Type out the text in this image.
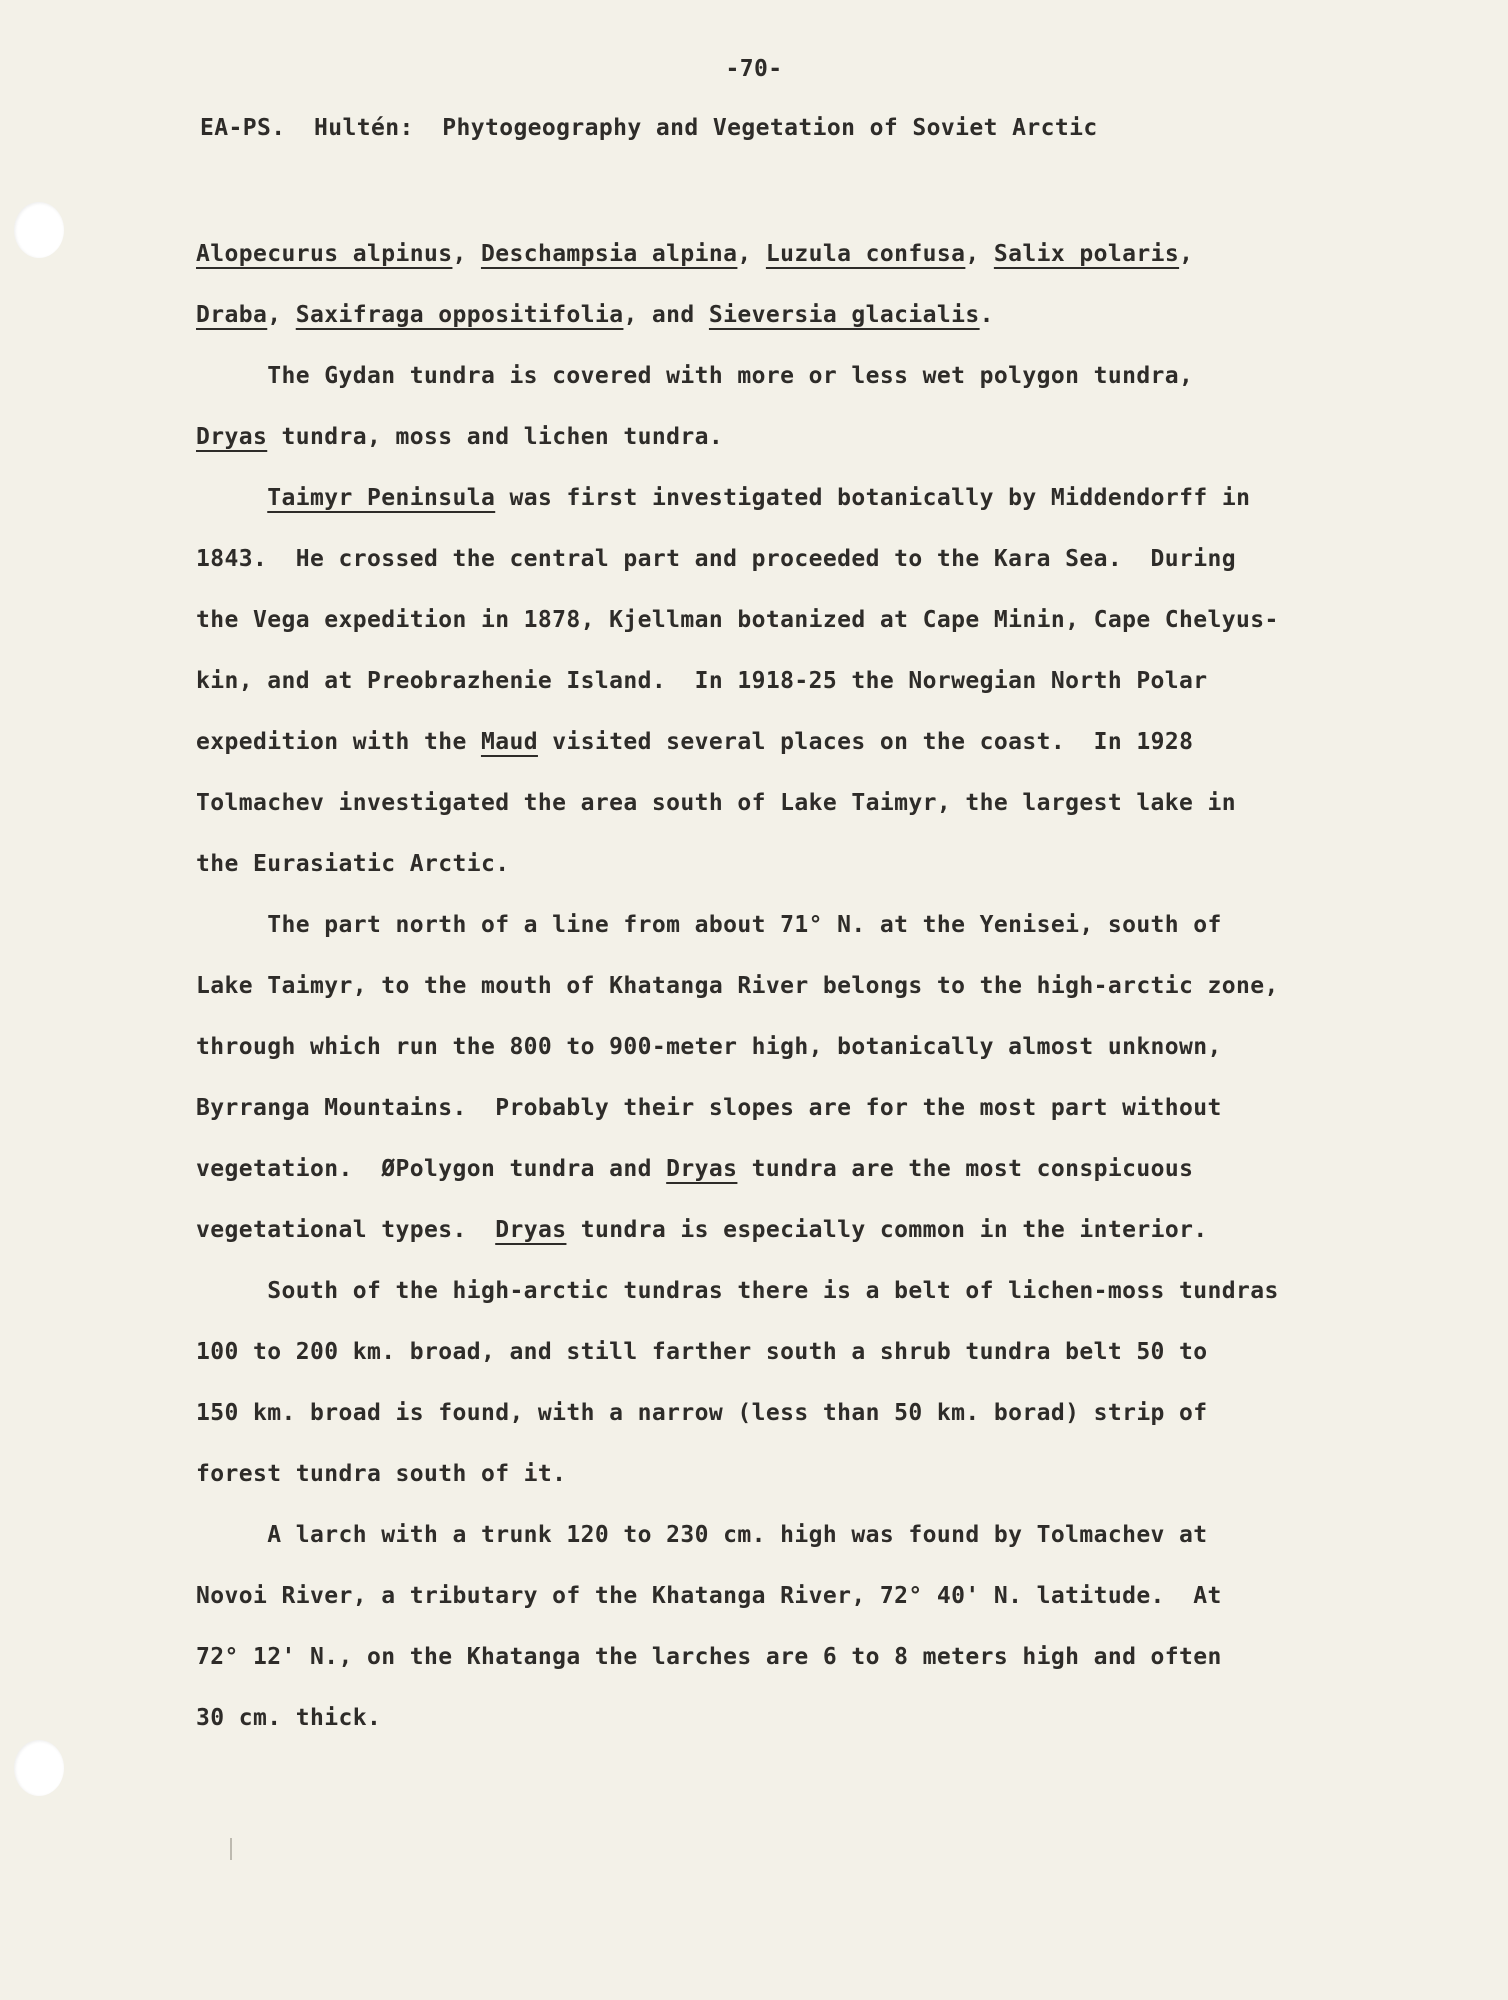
-70-
EA-PS.  Hultén:  Phytogeography and Vegetation of Soviet Arctic
Alopecurus alpinus, Deschampsia alpina, Luzula confusa, Salix polaris,
Draba, Saxifraga oppositifolia, and Sieversia glacialis.
The Gydan tundra is covered with more or less wet polygon tundra,
Dryas tundra, moss and lichen tundra.
Taimyr Peninsula was first investigated botanically by Middendorff in
1843.  He crossed the central part and proceeded to the Kara Sea.  During
the Vega expedition in 1878, Kjellman botanized at Cape Minin, Cape Chelyus-
kin, and at Preobrazhenie Island.  In 1918-25 the Norwegian North Polar
expedition with the Maud visited several places on the coast.  In 1928
Tolmachev investigated the area south of Lake Taimyr, the largest lake in
the Eurasiatic Arctic.
The part north of a line from about 71° N. at the Yenisei, south of
Lake Taimyr, to the mouth of Khatanga River belongs to the high-arctic zone,
through which run the 800 to 900-meter high, botanically almost unknown,
Byrranga Mountains.  Probably their slopes are for the most part without
vegetation.  ØPolygon tundra and Dryas tundra are the most conspicuous
vegetational types.  Dryas tundra is especially common in the interior.
South of the high-arctic tundras there is a belt of lichen-moss tundras
100 to 200 km. broad, and still farther south a shrub tundra belt 50 to
150 km. broad is found, with a narrow (less than 50 km. borad) strip of
forest tundra south of it.
A larch with a trunk 120 to 230 cm. high was found by Tolmachev at
Novoi River, a tributary of the Khatanga River, 72° 40' N. latitude.  At
72° 12' N., on the Khatanga the larches are 6 to 8 meters high and often
30 cm. thick.
